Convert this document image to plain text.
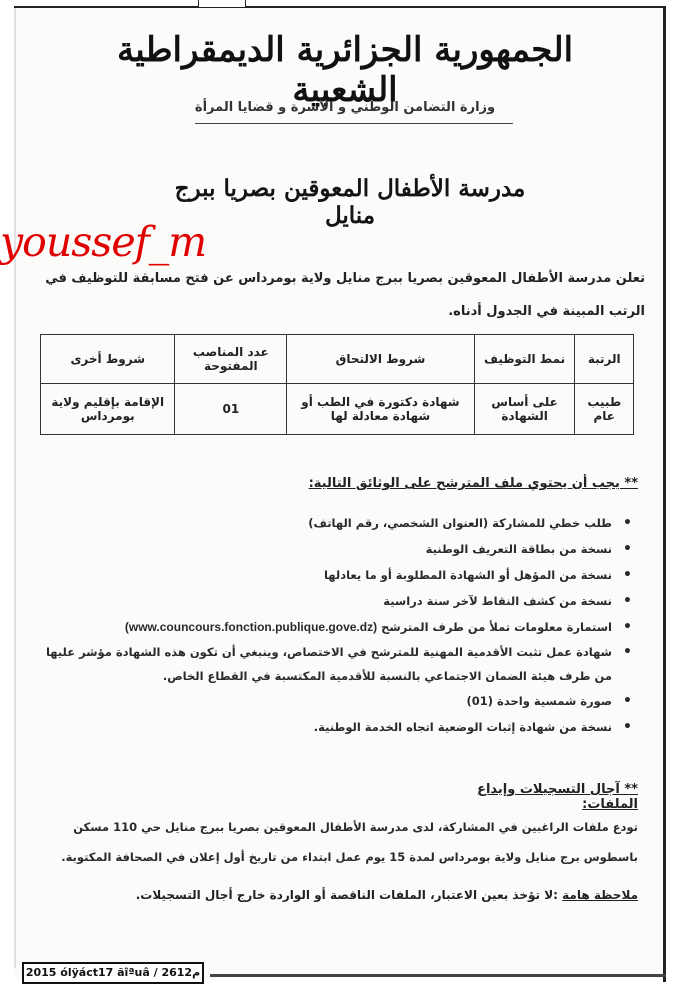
الجمهورية الجزائرية الديمقراطية الشعبية
وزارة التضامن الوطني و الأسرة و قضايا المرأة
مدرسة الأطفال المعوقين بصريا ببرج منايل
تعلن مدرسة الأطفال المعوقين بصريا ببرج منايل ولاية بومرداس عن فتح مسابقة للتوظيف في الرتب المبينة في الجدول أدناه.
youssef_m
الرتبة	نمط التوظيف	شروط الالتحاق	عدد المناصب المفتوحة	شروط أخرى
طبيب عام	على أساس الشهادة	شهادة دكتورة في الطب أو شهادة معادلة لها	01	الإقامة بإقليم ولاية بومرداس
** يجب أن يحتوي ملف المترشح على الوثائق التالية:
•
طلب خطي للمشاركة (العنوان الشخصي، رقم الهاتف)
•
نسخة من بطاقة التعريف الوطنية
•
نسخة من المؤهل أو الشهادة المطلوبة أو ما يعادلها
•
نسخة من كشف النقاط لآخر سنة دراسية
•
استمارة معلومات تملأ من طرف المترشح (www.councours.fonction.publique.gove.dz)
•
شهادة عمل تثبت الأقدمية المهنية للمترشح في الاختصاص، وينبغي أن تكون هذه الشهادة مؤشر عليها من طرف هيئة الضمان الاجتماعي بالنسبة للأقدمية المكتسبة في القطاع الخاص.
•
صورة شمسية واحدة (01)
•
نسخة من شهادة إثبات الوضعية اتجاه الخدمة الوطنية.
** آجال التسجيلات وإيداع الملفات:
تودع ملفات الراغبين في المشاركة، لدى مدرسة الأطفال المعوقين بصريا ببرج منايل حي 110 مسكن باسطوس برج منايل ولاية بومرداس لمدة 15 يوم عمل ابتداء من تاريخ أول إعلان في الصحافة المكتوبة.
ملاحظة هامة :لا تؤخذ بعين الاعتبار، الملفات الناقصة أو الواردة خارج أجال التسجيلات.
2015 ólÿáct17 ãîªuâ / 2612م
